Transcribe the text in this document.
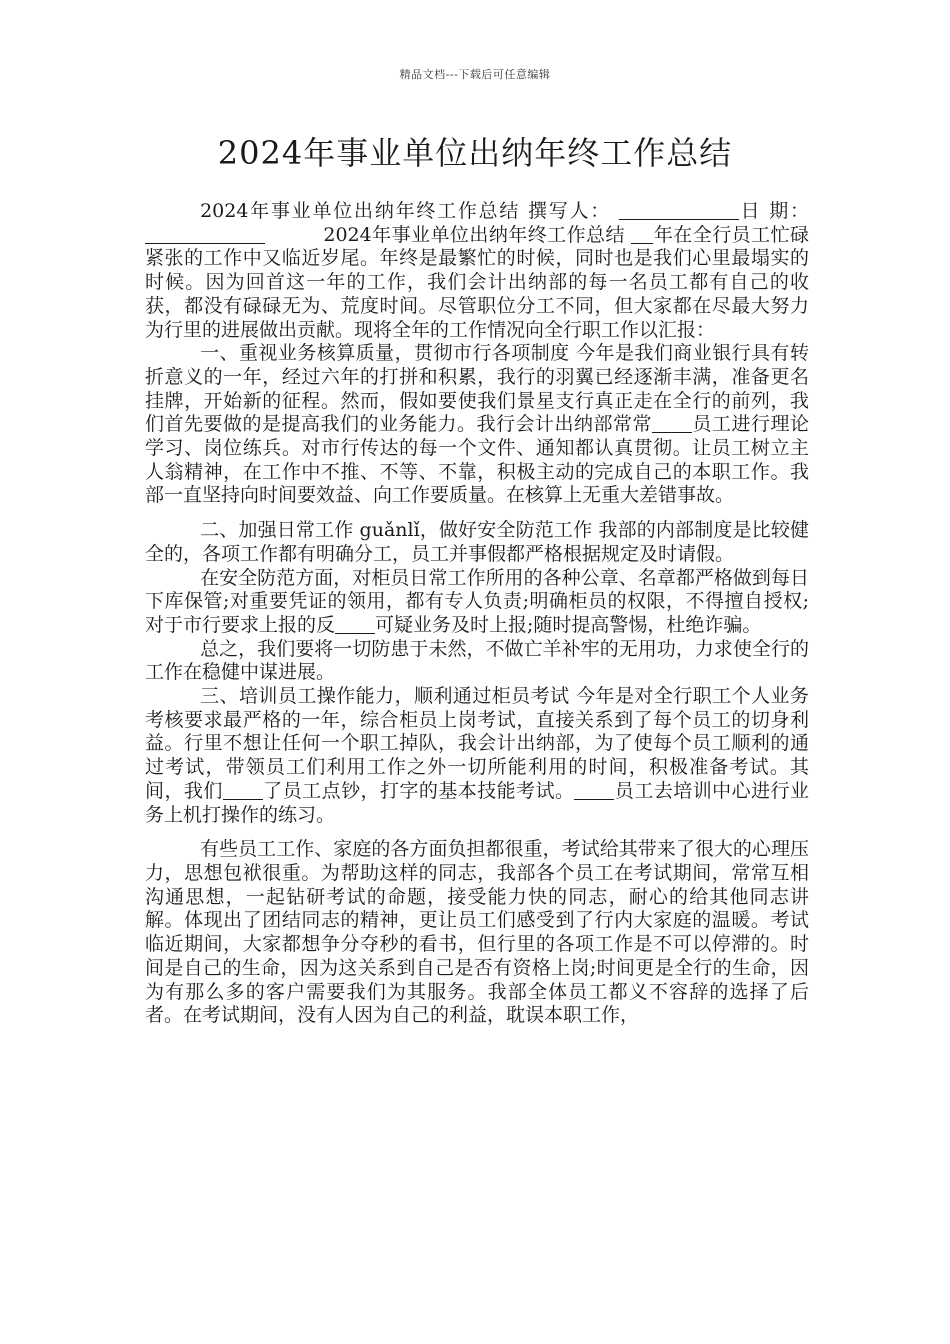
精品文档---下载后可任意编辑
2024年事业单位出纳年终工作总结

2024年事业单位出纳年终工作总结 撰写人：	日 期：         2024年事业单位出纳年终工作总结 年在全行员工忙碌紧张的工作中又临近岁尾。年终是最繁忙的时候，同时也是我们心里最塌实的时候。因为回首这一年的工作，我们会计出纳部的每一名员工都有自己的收获，都没有碌碌无为、荒度时间。尽管职位分工不同，但大家都在尽最大努力为行里的进展做出贡献。现将全年的工作情况向全行职工作以汇报：

一、重视业务核算质量，贯彻市行各项制度 今年是我们商业银行具有转折意义的一年，经过六年的打拼和积累，我行的羽翼已经逐渐丰满，准备更名挂牌，开始新的征程。然而，假如要使我们景星支行真正走在全行的前列，我们首先要做的是提高我们的业务能力。我行会计出纳部常常 员工进行理论学习、岗位练兵。对市行传达的每一个文件、通知都认真贯彻。让员工树立主人翁精神，在工作中不推、不等、不靠，积极主动的完成自己的本职工作。我部一直坚持向时间要效益、向工作要质量。在核算上无重大差错事故。

二、加强日常工作 guǎnlǐ，做好安全防范工作 我部的内部制度是比较健全的，各项工作都有明确分工，员工并事假都严格根据规定及时请假。

在安全防范方面，对柜员日常工作所用的各种公章、名章都严格做到每日下库保管;对重要凭证的领用，都有专人负责;明确柜员的权限，不得擅自授权;对于市行要求上报的反 可疑业务及时上报;随时提高警惕，杜绝诈骗。

总之，我们要将一切防患于未然，不做亡羊补牢的无用功，力求使全行的工作在稳健中谋进展。

三、培训员工操作能力，顺利通过柜员考试 今年是对全行职工个人业务考核要求最严格的一年，综合柜员上岗考试，直接关系到了每个员工的切身利益。行里不想让任何一个职工掉队，我会计出纳部，为了使每个员工顺利的通过考试，带领员工们利用工作之外一切所能利用的时间，积极准备考试。其间，我们 了员工点钞，打字的基本技能考试。 员工去培训中心进行业务上机打操作的练习。

有些员工工作、家庭的各方面负担都很重，考试给其带来了很大的心理压力，思想包袱很重。为帮助这样的同志，我部各个员工在考试期间，常常互相沟通思想，一起钻研考试的命题，接受能力快的同志，耐心的给其他同志讲解。体现出了团结同志的精神，更让员工们感受到了行内大家庭的温暖。考试临近期间，大家都想争分夺秒的看书，但行里的各项工作是不可以停滞的。时间是自己的生命，因为这关系到自己是否有资格上岗;时间更是全行的生命，因为有那么多的客户需要我们为其服务。我部全体员工都义不容辞的选择了后者。在考试期间，没有人因为自己的利益，耽误本职工作，
